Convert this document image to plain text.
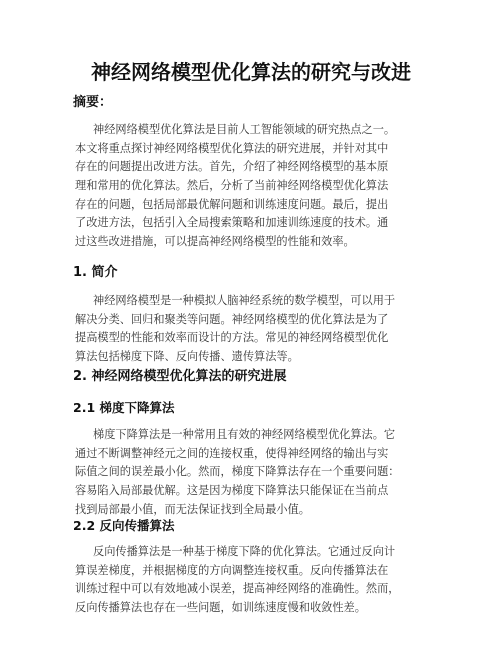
神经网络模型优化算法的研究与改进
摘要：
神经网络模型优化算法是目前人工智能领域的研究热点之一。
本文将重点探讨神经网络模型优化算法的研究进展，并针对其中
存在的问题提出改进方法。首先，介绍了神经网络模型的基本原
理和常用的优化算法。然后，分析了当前神经网络模型优化算法
存在的问题，包括局部最优解问题和训练速度问题。最后，提出
了改进方法，包括引入全局搜索策略和加速训练速度的技术。通
过这些改进措施，可以提高神经网络模型的性能和效率。
1. 简介
神经网络模型是一种模拟人脑神经系统的数学模型，可以用于
解决分类、回归和聚类等问题。神经网络模型的优化算法是为了
提高模型的性能和效率而设计的方法。常见的神经网络模型优化
算法包括梯度下降、反向传播、遗传算法等。
2. 神经网络模型优化算法的研究进展
2.1 梯度下降算法
梯度下降算法是一种常用且有效的神经网络模型优化算法。它
通过不断调整神经元之间的连接权重，使得神经网络的输出与实
际值之间的误差最小化。然而，梯度下降算法存在一个重要问题：
容易陷入局部最优解。这是因为梯度下降算法只能保证在当前点
找到局部最小值，而无法保证找到全局最小值。
2.2 反向传播算法
反向传播算法是一种基于梯度下降的优化算法。它通过反向计
算误差梯度，并根据梯度的方向调整连接权重。反向传播算法在
训练过程中可以有效地减小误差，提高神经网络的准确性。然而，
反向传播算法也存在一些问题，如训练速度慢和收敛性差。
